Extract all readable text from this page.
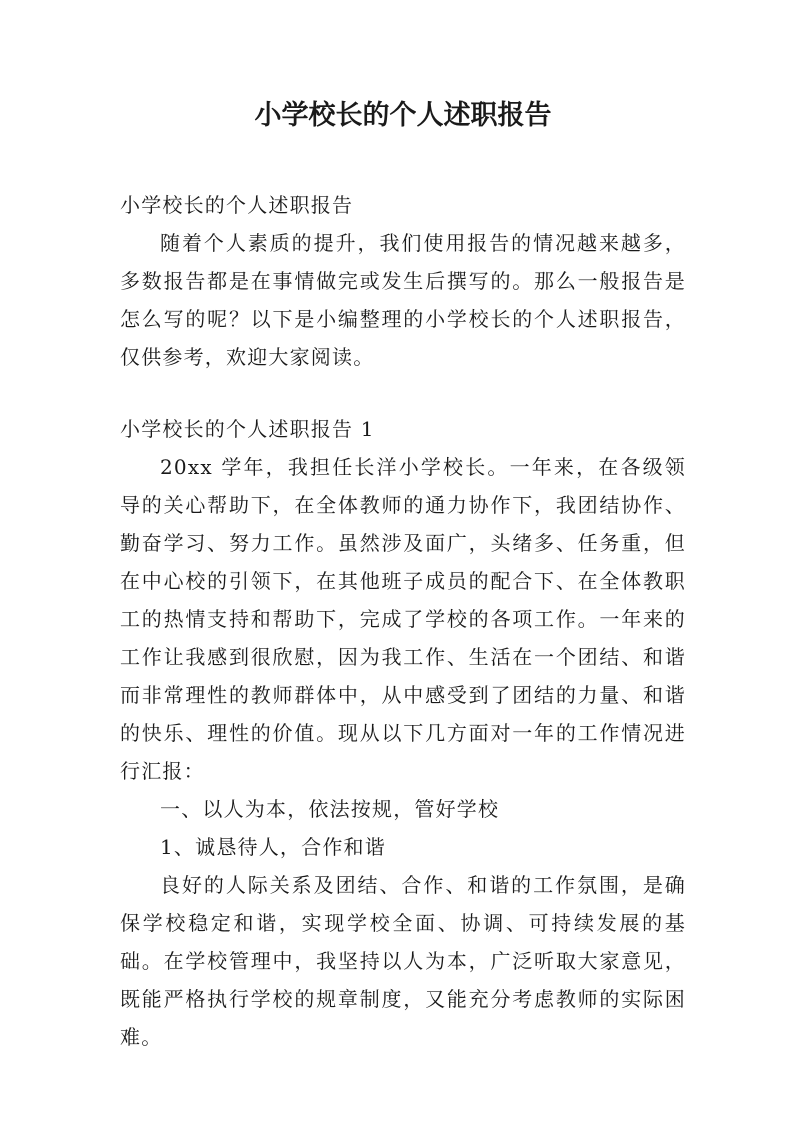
小学校长的个人述职报告

小学校长的个人述职报告

随着个人素质的提升，我们使用报告的情况越来越多，多数报告都是在事情做完或发生后撰写的。那么一般报告是怎么写的呢？以下是小编整理的小学校长的个人述职报告，仅供参考，欢迎大家阅读。

小学校长的个人述职报告 1

20xx 学年，我担任长洋小学校长。一年来，在各级领导的关心帮助下，在全体教师的通力协作下，我团结协作、勤奋学习、努力工作。虽然涉及面广，头绪多、任务重，但在中心校的引领下，在其他班子成员的配合下、在全体教职工的热情支持和帮助下，完成了学校的各项工作。一年来的工作让我感到很欣慰，因为我工作、生活在一个团结、和谐而非常理性的教师群体中，从中感受到了团结的力量、和谐的快乐、理性的价值。现从以下几方面对一年的工作情况进行汇报：

一、以人为本，依法按规，管好学校

1、诚恳待人，合作和谐

良好的人际关系及团结、合作、和谐的工作氛围，是确保学校稳定和谐，实现学校全面、协调、可持续发展的基础。在学校管理中，我坚持以人为本，广泛听取大家意见，既能严格执行学校的规章制度，又能充分考虑教师的实际困难。
